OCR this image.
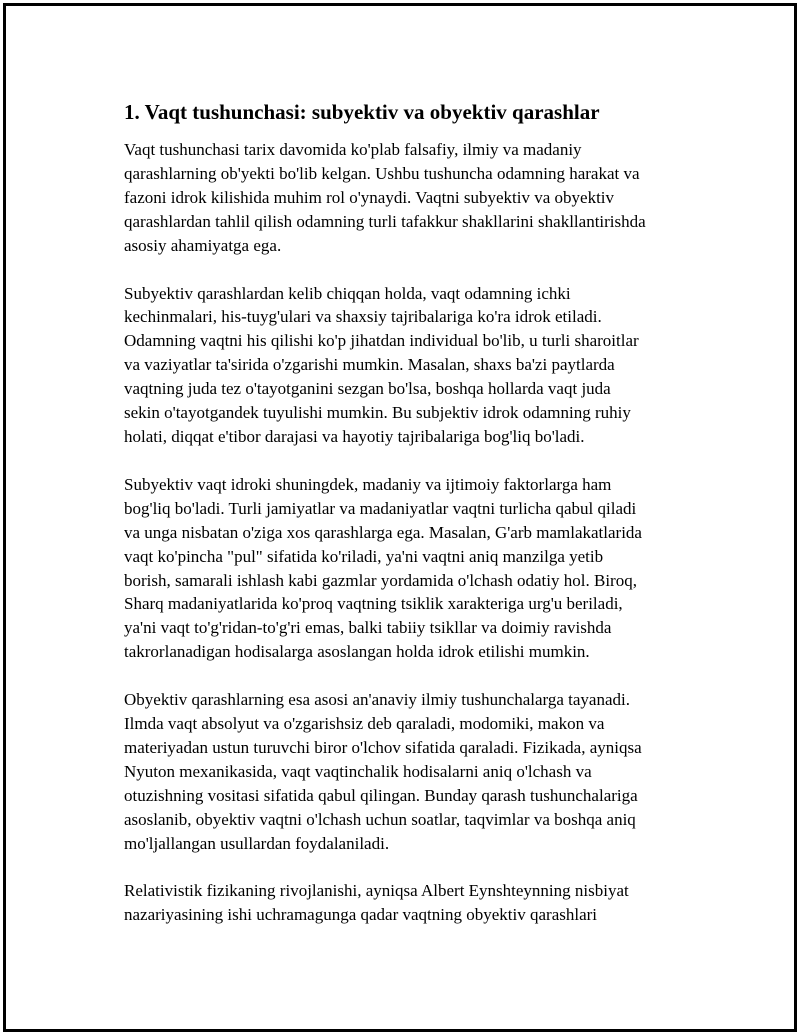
1. Vaqt tushunchasi: subyektiv va obyektiv qarashlar

Vaqt tushunchasi tarix davomida ko'plab falsafiy, ilmiy va madaniy
qarashlarning ob'yekti bo'lib kelgan. Ushbu tushuncha odamning harakat va
fazoni idrok kilishida muhim rol o'ynaydi. Vaqtni subyektiv va obyektiv
qarashlardan tahlil qilish odamning turli tafakkur shakllarini shakllantirishda
asosiy ahamiyatga ega.

Subyektiv qarashlardan kelib chiqqan holda, vaqt odamning ichki
kechinmalari, his-tuyg'ulari va shaxsiy tajribalariga ko'ra idrok etiladi.
Odamning vaqtni his qilishi ko'p jihatdan individual bo'lib, u turli sharoitlar
va vaziyatlar ta'sirida o'zgarishi mumkin. Masalan, shaxs ba'zi paytlarda
vaqtning juda tez o'tayotganini sezgan bo'lsa, boshqa hollarda vaqt juda
sekin o'tayotgandek tuyulishi mumkin. Bu subjektiv idrok odamning ruhiy
holati, diqqat e'tibor darajasi va hayotiy tajribalariga bog'liq bo'ladi.

Subyektiv vaqt idroki shuningdek, madaniy va ijtimoiy faktorlarga ham
bog'liq bo'ladi. Turli jamiyatlar va madaniyatlar vaqtni turlicha qabul qiladi
va unga nisbatan o'ziga xos qarashlarga ega. Masalan, G'arb mamlakatlarida
vaqt ko'pincha "pul" sifatida ko'riladi, ya'ni vaqtni aniq manzilga yetib
borish, samarali ishlash kabi gazmlar yordamida o'lchash odatiy hol. Biroq,
Sharq madaniyatlarida ko'proq vaqtning tsiklik xarakteriga urg'u beriladi,
ya'ni vaqt to'g'ridan-to'g'ri emas, balki tabiiy tsikllar va doimiy ravishda
takrorlanadigan hodisalarga asoslangan holda idrok etilishi mumkin.

Obyektiv qarashlarning esa asosi an'anaviy ilmiy tushunchalarga tayanadi.
Ilmda vaqt absolyut va o'zgarishsiz deb qaraladi, modomiki, makon va
materiyadan ustun turuvchi biror o'lchov sifatida qaraladi. Fizikada, ayniqsa
Nyuton mexanikasida, vaqt vaqtinchalik hodisalarni aniq o'lchash va
otuzishning vositasi sifatida qabul qilingan. Bunday qarash tushunchalariga
asoslanib, obyektiv vaqtni o'lchash uchun soatlar, taqvimlar va boshqa aniq
mo'ljallangan usullardan foydalaniladi.

Relativistik fizikaning rivojlanishi, ayniqsa Albert Eynshteynning nisbiyat
nazariyasining ishi uchramagunga qadar vaqtning obyektiv qarashlari
